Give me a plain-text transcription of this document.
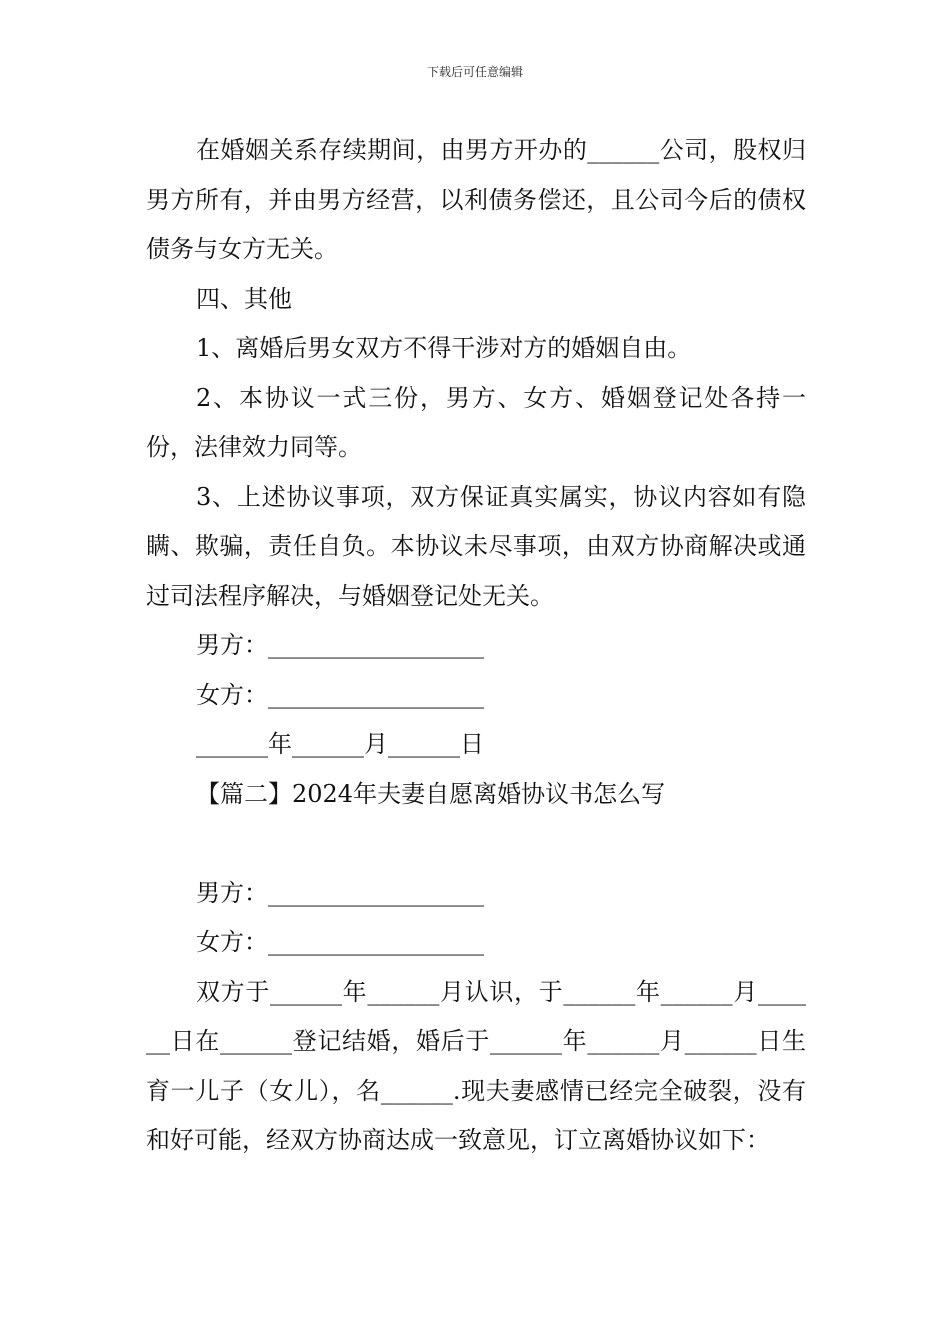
下载后可任意编辑

在婚姻关系存续期间，由男方开办的______公司，股权归男方所有，并由男方经营，以利债务偿还，且公司今后的债权债务与女方无关。

四、其他

1、离婚后男女双方不得干涉对方的婚姻自由。

2、本协议一式三份，男方、女方、婚姻登记处各持一份，法律效力同等。

3、上述协议事项，双方保证真实属实，协议内容如有隐瞒、欺骗，责任自负。本协议未尽事项，由双方协商解决或通过司法程序解决，与婚姻登记处无关。

男方：__________________

女方：__________________

______年______月______日

【篇二】2024年夫妻自愿离婚协议书怎么写

男方：__________________

女方：__________________

双方于______年______月认识，于______年______月______日在______登记结婚，婚后于______年______月______日生育一儿子（女儿），名______.现夫妻感情已经完全破裂，没有和好可能，经双方协商达成一致意见，订立离婚协议如下：
